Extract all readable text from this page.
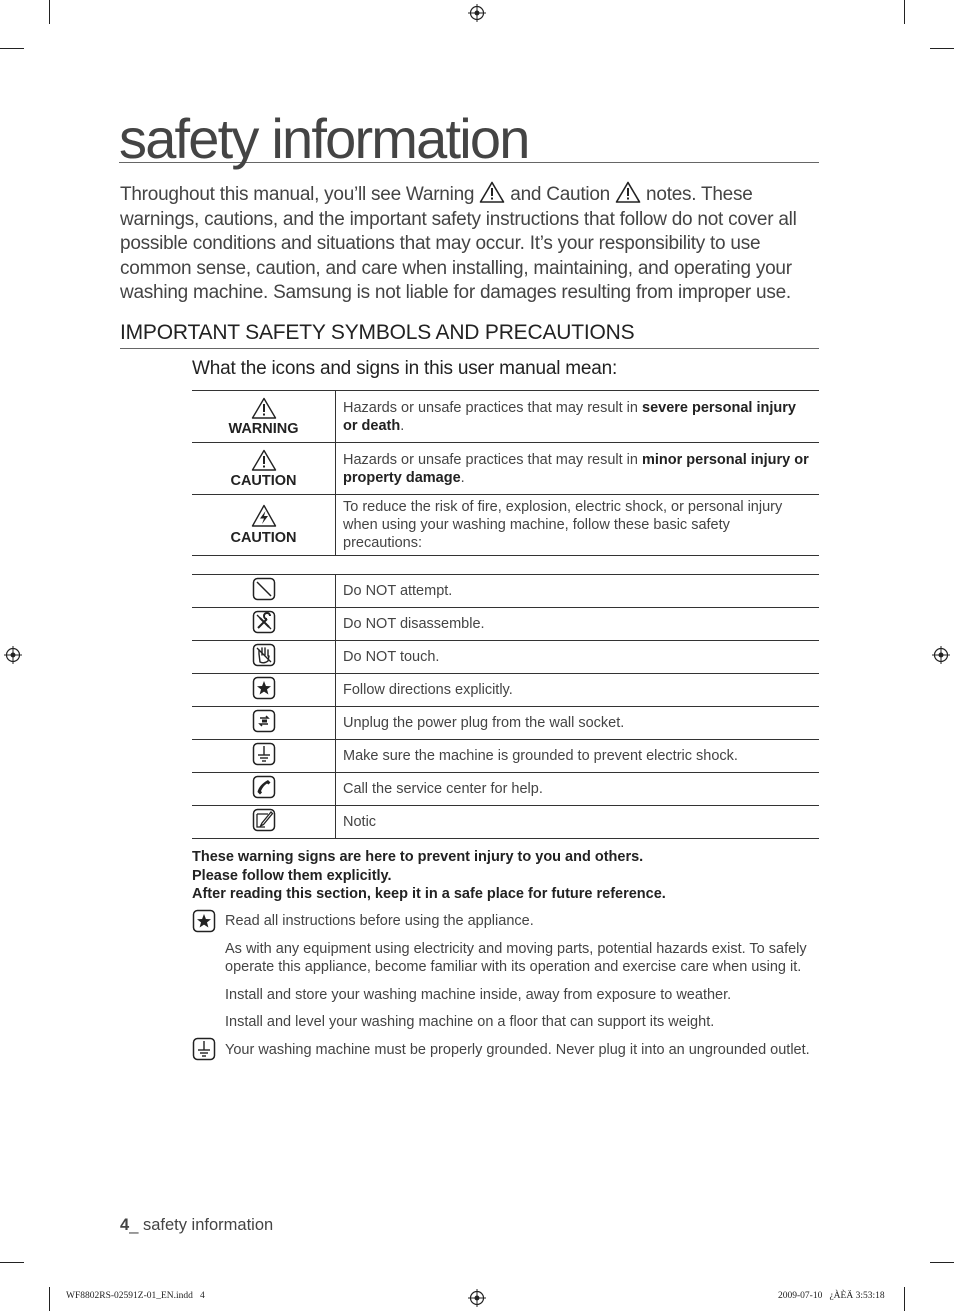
safety information
Throughout this manual, you’ll see Warning  and Caution  notes. These warnings, cautions, and the important safety instructions that follow do not cover all possible conditions and situations that may occur. It’s your responsibility to use common sense, caution, and care when installing, maintaining, and operating your washing machine. Samsung is not liable for damages resulting from improper use.
IMPORTANT SAFETY SYMBOLS AND PRECAUTIONS
What the icons and signs in this user manual mean:
WARNING	Hazards or unsafe practices that may result in severe personal injury or death.

CAUTION	Hazards or unsafe practices that may result in minor personal injury or property damage.

CAUTION	To reduce the risk of fire, explosion, electric shock, or personal injury when using your washing machine, follow these basic safety precautions:
	Do NOT attempt.
	Do NOT disassemble.
	Do NOT touch.
	Follow directions explicitly.
	Unplug the power plug from the wall socket.
	Make sure the machine is grounded to prevent electric shock.
	Call the service center for help.
	Notic
These warning signs are here to prevent injury to you and others.
Please follow them explicitly.
After reading this section, keep it in a safe place for future reference.
Read all instructions before using the appliance.
As with any equipment using electricity and moving parts, potential hazards exist. To safely operate this appliance, become familiar with its operation and exercise care when using it.
Install and store your washing machine inside, away from exposure to weather.
Install and level your washing machine on a floor that can support its weight.
Your washing machine must be properly grounded. Never plug it into an ungrounded outlet.
4_ safety information
WF8802RS-02591Z-01_EN.indd   4	2009-07-10   ¿ÀÈÄ 3:53:18
